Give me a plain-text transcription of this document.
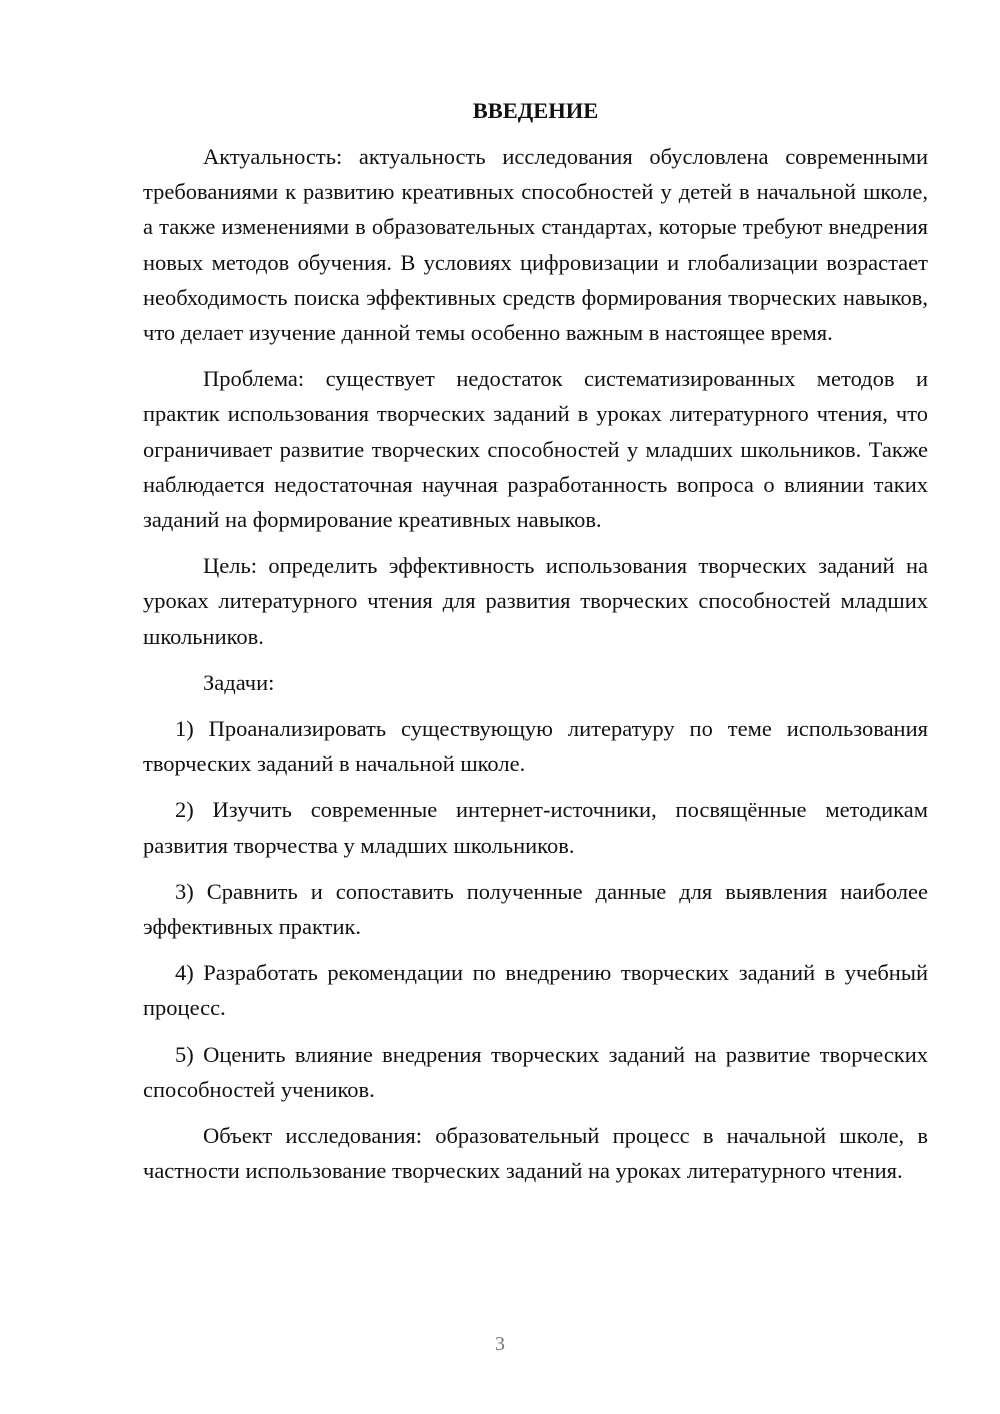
ВВЕДЕНИЕ

Актуальность: актуальность исследования обусловлена современными требованиями к развитию креативных способностей у детей в начальной школе, а также изменениями в образовательных стандартах, которые требуют внедрения новых методов обучения. В условиях цифровизации и глобализации возрастает необходимость поиска эффективных средств формирования творческих навыков, что делает изучение данной темы особенно важным в настоящее время.

Проблема: существует недостаток систематизированных методов и практик использования творческих заданий в уроках литературного чтения, что ограничивает развитие творческих способностей у младших школьников. Также наблюдается недостаточная научная разработанность вопроса о влиянии таких заданий на формирование креативных навыков.

Цель: определить эффективность использования творческих заданий на уроках литературного чтения для развития творческих способностей младших школьников.

Задачи:

1) Проанализировать существующую литературу по теме использования творческих заданий в начальной школе.

2) Изучить современные интернет-источники, посвящённые методикам развития творчества у младших школьников.

3) Сравнить и сопоставить полученные данные для выявления наиболее эффективных практик.

4) Разработать рекомендации по внедрению творческих заданий в учебный процесс.

5) Оценить влияние внедрения творческих заданий на развитие творческих способностей учеников.

Объект исследования: образовательный процесс в начальной школе, в частности использование творческих заданий на уроках литературного чтения.

3
